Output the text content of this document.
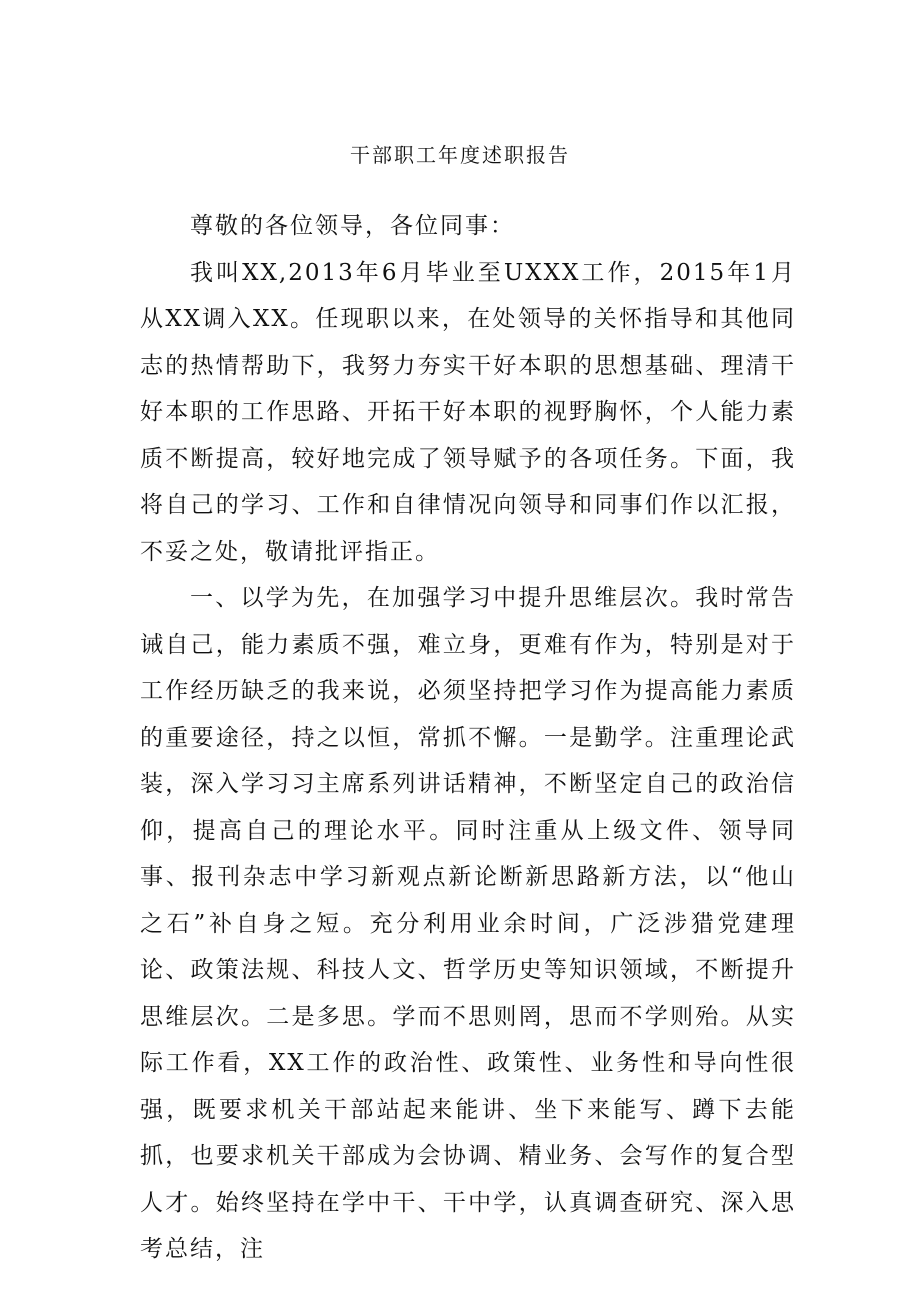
干部职工年度述职报告

尊敬的各位领导，各位同事：

我叫XX,2013年6月毕业至UXXX工作，2015年1月从XX调入XX。任现职以来，在处领导的关怀指导和其他同志的热情帮助下，我努力夯实干好本职的思想基础、理清干好本职的工作思路、开拓干好本职的视野胸怀，个人能力素质不断提高，较好地完成了领导赋予的各项任务。下面，我将自己的学习、工作和自律情况向领导和同事们作以汇报，不妥之处，敬请批评指正。

一、以学为先，在加强学习中提升思维层次。我时常告诫自己，能力素质不强，难立身，更难有作为，特别是对于工作经历缺乏的我来说，必须坚持把学习作为提高能力素质的重要途径，持之以恒，常抓不懈。一是勤学。注重理论武装，深入学习习主席系列讲话精神，不断坚定自己的政治信仰，提高自己的理论水平。同时注重从上级文件、领导同事、报刊杂志中学习新观点新论断新思路新方法，以“他山之石”补自身之短。充分利用业余时间，广泛涉猎党建理论、政策法规、科技人文、哲学历史等知识领域，不断提升思维层次。二是多思。学而不思则罔，思而不学则殆。从实际工作看，XX工作的政治性、政策性、业务性和导向性很强，既要求机关干部站起来能讲、坐下来能写、蹲下去能抓，也要求机关干部成为会协调、精业务、会写作的复合型人才。始终坚持在学中干、干中学，认真调查研究、深入思考总结，注
